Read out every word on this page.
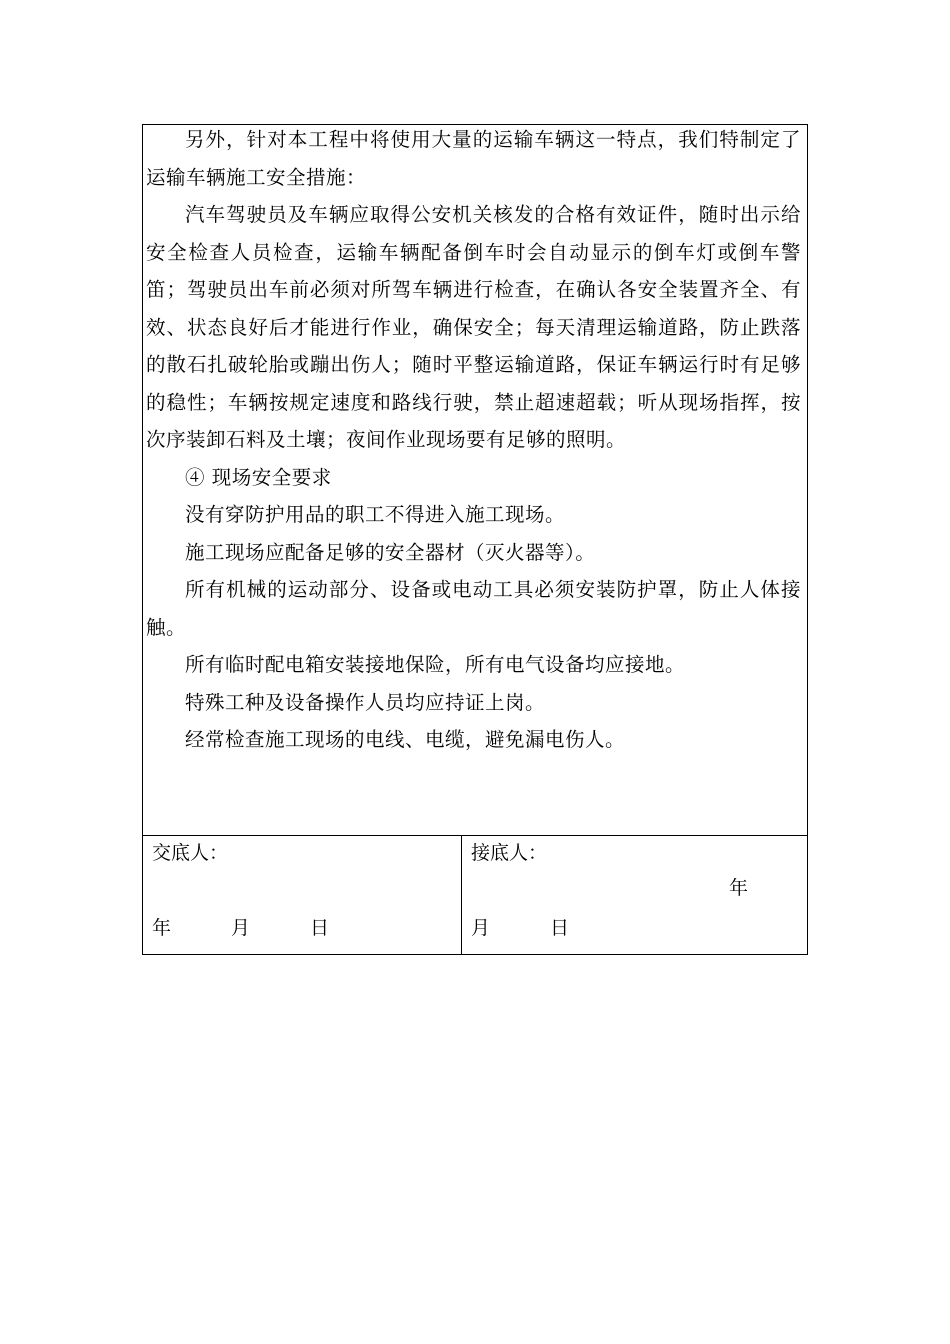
另外，针对本工程中将使用大量的运输车辆这一特点，我们特制定了运输车辆施工安全措施：

汽车驾驶员及车辆应取得公安机关核发的合格有效证件，随时出示给安全检查人员检查，运输车辆配备倒车时会自动显示的倒车灯或倒车警笛；驾驶员出车前必须对所驾车辆进行检查，在确认各安全装置齐全、有效、状态良好后才能进行作业，确保安全；每天清理运输道路，防止跌落的散石扎破轮胎或蹦出伤人；随时平整运输道路，保证车辆运行时有足够的稳性；车辆按规定速度和路线行驶，禁止超速超载；听从现场指挥，按次序装卸石料及土壤；夜间作业现场要有足够的照明。

④ 现场安全要求

没有穿防护用品的职工不得进入施工现场。

施工现场应配备足够的安全器材（灭火器等）。

所有机械的运动部分、设备或电动工具必须安装防护罩，防止人体接触。

所有临时配电箱安装接地保险，所有电气设备均应接地。

特殊工种及设备操作人员均应持证上岗。

经常检查施工现场的电线、电缆，避免漏电伤人。

交底人：
年	月	日
接底人：
年
月	日
